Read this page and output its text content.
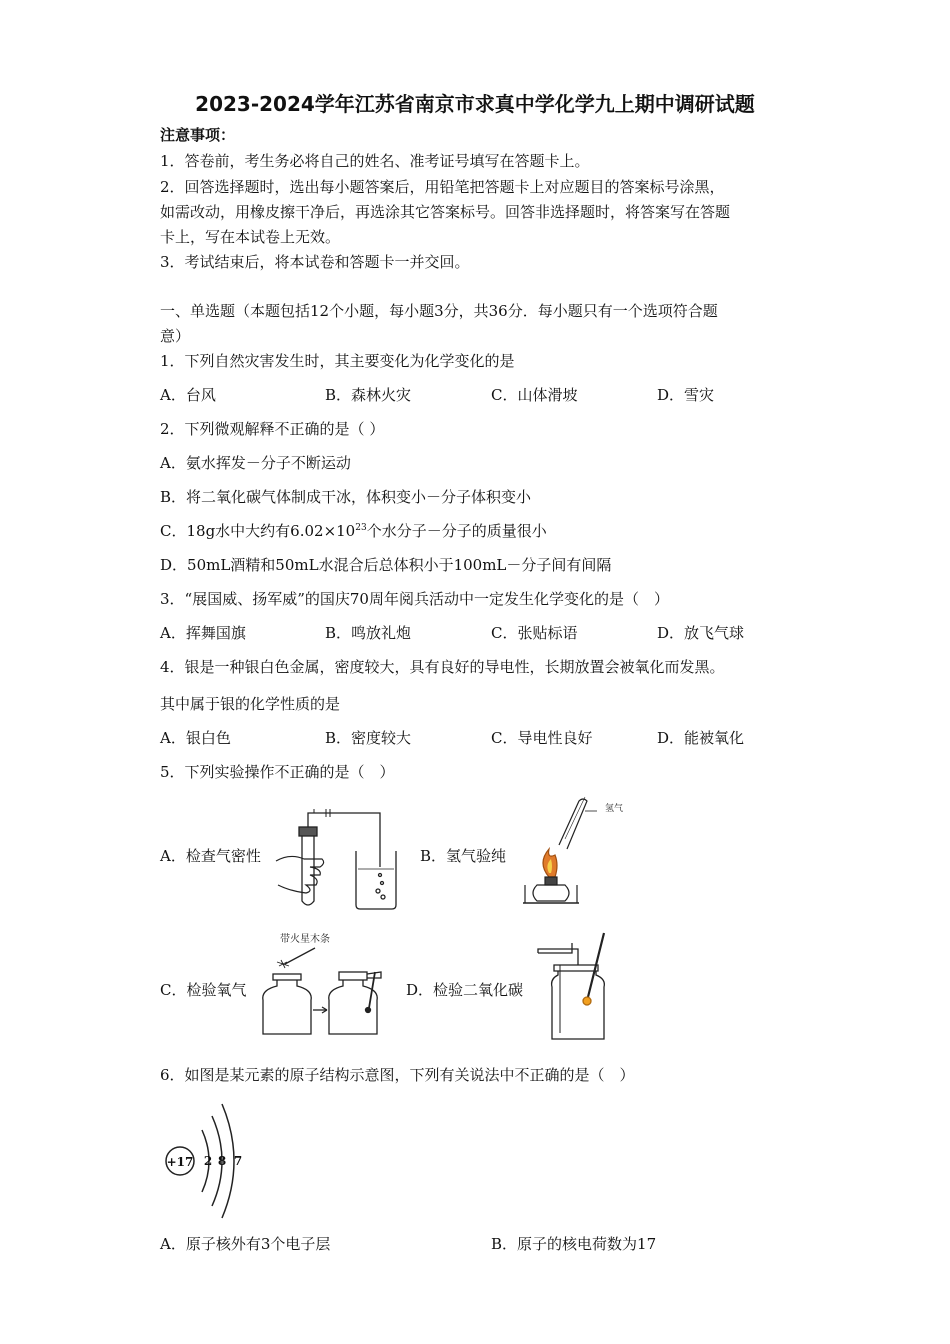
2023-2024学年江苏省南京市求真中学化学九上期中调研试题
注意事项：
1．答卷前，考生务必将自己的姓名、准考证号填写在答题卡上。
2．回答选择题时，选出每小题答案后，用铅笔把答题卡上对应题目的答案标号涂黑，
如需改动，用橡皮擦干净后，再选涂其它答案标号。回答非选择题时，将答案写在答题
卡上，写在本试卷上无效。
3．考试结束后，将本试卷和答题卡一并交回。
一、单选题（本题包括12个小题，每小题3分，共36分．每小题只有一个选项符合题
意）
1．下列自然灾害发生时，其主要变化为化学变化的是
A．台风	B．森林火灾	C．山体滑坡	D．雪灾
2．下列微观解释不正确的是（ ）
A．氨水挥发－分子不断运动
B．将二氧化碳气体制成干冰，体积变小－分子体积变小
C．18g水中大约有$6.02\times 10^{23}$个水分子－分子的质量很小
D．50mL酒精和50mL水混合后总体积小于100mL－分子间有间隔
3．“展国威、扬军威”的国庆70周年阅兵活动中一定发生化学变化的是（　）
A．挥舞国旗	B．鸣放礼炮	C．张贴标语	D．放飞气球
4．银是一种银白色金属，密度较大，具有良好的导电性，长期放置会被氧化而发黑。
其中属于银的化学性质的是
A．银白色	B．密度较大	C．导电性良好	D．能被氧化
5．下列实验操作不正确的是（　）
A．检查气密性	B．氢气验纯
氢气
C．检验氧气
带火星木条
D．检验二氧化碳
6．如图是某元素的原子结构示意图，下列有关说法中不正确的是（　）
+17 2 8 7
A．原子核外有3个电子层	B．原子的核电荷数为17
